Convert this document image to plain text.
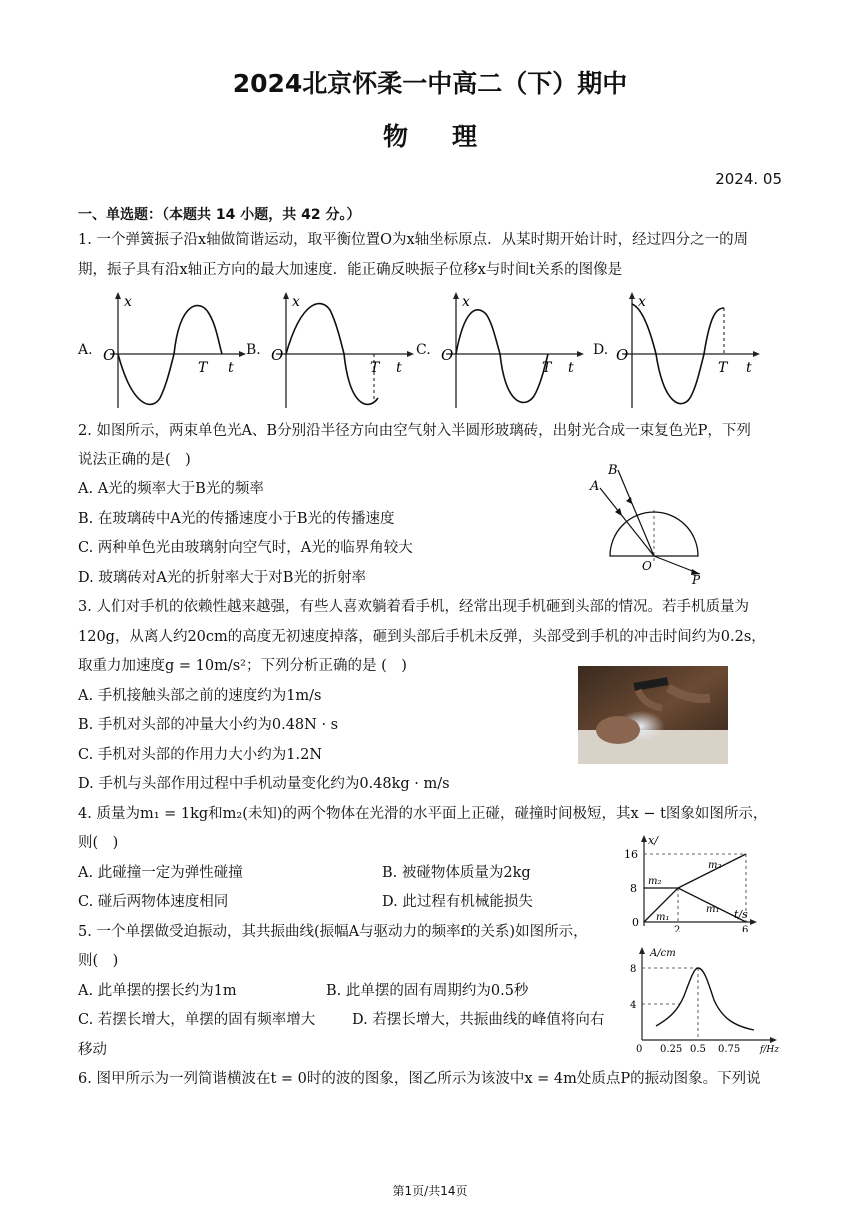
2024北京怀柔一中高二（下）期中
物理
2024. 05
一、单选题：（本题共 14 小题，共 42 分。）
1. 一个弹簧振子沿x轴做简谐运动，取平衡位置O为x轴坐标原点．从某时期开始计时，经过四分之一的周
期，振子具有沿x轴正方向的最大加速度．能正确反映振子位移x与时间t关系的图像是
A.	B.	C.	D.
x
O
T t
x
O
T t
x
O
T t
x
O
T t
2. 如图所示，两束单色光A、B分别沿半径方向由空气射入半圆形玻璃砖，出射光合成一束复色光P，下列
说法正确的是(　)
A. A光的频率大于B光的频率
B. 在玻璃砖中A光的传播速度小于B光的传播速度
C. 两种单色光由玻璃射向空气时，A光的临界角较大
D. 玻璃砖对A光的折射率大于对B光的折射率
A
B
O
P
3. 人们对手机的依赖性越来越强，有些人喜欢躺着看手机，经常出现手机砸到头部的情况。若手机质量为
120g，从离人约20cm的高度无初速度掉落，砸到头部后手机未反弹，头部受到手机的冲击时间约为0.2s，
取重力加速度g = 10m/s²；下列分析正确的是 (　)
A. 手机接触头部之前的速度约为1m/s
B. 手机对头部的冲量大小约为0.48N · s
C. 手机对头部的作用力大小约为1.2N
D. 手机与头部作用过程中手机动量变化约为0.48kg · m/s
4. 质量为m₁ = 1kg和m₂(未知)的两个物体在光滑的水平面上正碰，碰撞时间极短，其x − t图象如图所示，
则(　)
A. 此碰撞一定为弹性碰撞	B. 被碰物体质量为2kg
C. 碰后两物体速度相同	D. 此过程有机械能损失
x/
t/s
16
8
0
2	6
m₂
m₂
m₁
m₁
5. 一个单摆做受迫振动，其共振曲线(振幅A与驱动力的频率f的关系)如图所示，
则(　)
A. 此单摆的摆长约为1m	B. 此单摆的固有周期约为0.5秒
C. 若摆长增大，单摆的固有频率增大	D. 若摆长增大，共振曲线的峰值将向右
移动
A/cm
f/Hz
8
4
0 0.25 0.5 0.75
6. 图甲所示为一列简谐横波在t = 0时的波的图象，图乙所示为该波中x = 4m处质点P的振动图象。下列说
第1页/共14页
